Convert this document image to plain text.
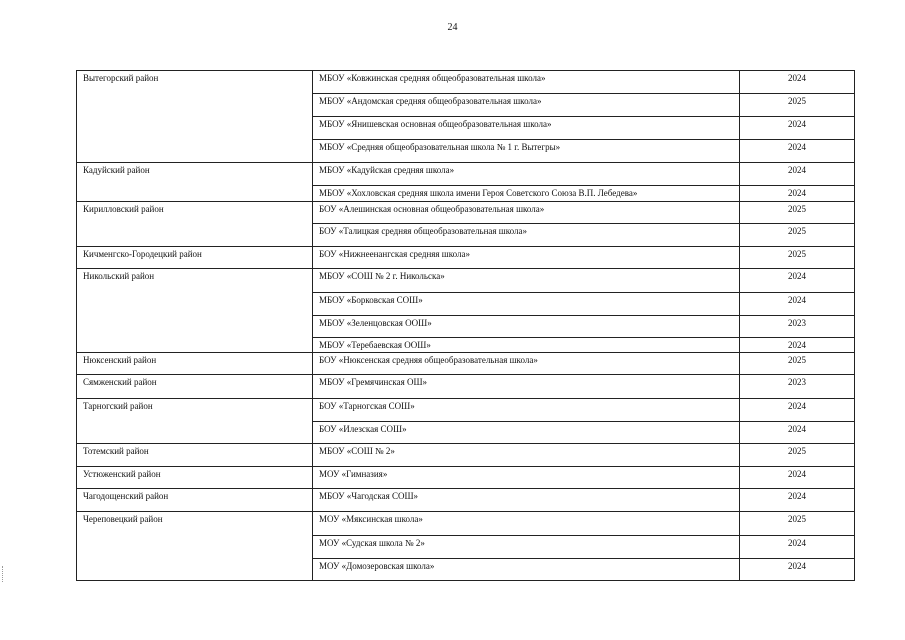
24
Вытегорский район	МБОУ «Ковжинская средняя общеобразовательная школа»	2024
	МБОУ «Андомская средняя общеобразовательная школа»	2025
	МБОУ «Янишевская основная общеобразовательная школа»	2024
	МБОУ «Средняя общеобразовательная школа № 1 г. Вытегры»	2024
Кадуйский район	МБОУ «Кадуйская средняя школа»	2024
	МБОУ «Хохловская средняя школа имени Героя Советского Союза В.П. Лебедева»	2024
Кирилловский район	БОУ «Алешинская основная общеобразовательная школа»	2025
	БОУ «Талицкая средняя общеобразовательная школа»	2025
Кичменгско-Городецкий район	БОУ «Нижнеенангская средняя школа»	2025
Никольский район	МБОУ «СОШ № 2 г. Никольска»	2024
	МБОУ «Борковская СОШ»	2024
	МБОУ «Зеленцовская ООШ»	2023
	МБОУ «Теребаевская ООШ»	2024
Нюксенский район	БОУ «Нюксенская средняя общеобразовательная школа»	2025
Сямженский район	МБОУ «Гремячинская ОШ»	2023
Тарногский район	БОУ «Тарногская СОШ»	2024
	БОУ «Илезская СОШ»	2024
Тотемский район	МБОУ «СОШ № 2»	2025
Устюженский район	МОУ «Гимназия»	2024
Чагодощенский район	МБОУ «Чагодская СОШ»	2024
Череповецкий район	МОУ «Мяксинская школа»	2025
	МОУ «Судская школа № 2»	2024
	МОУ «Домозеровская школа»	2024
